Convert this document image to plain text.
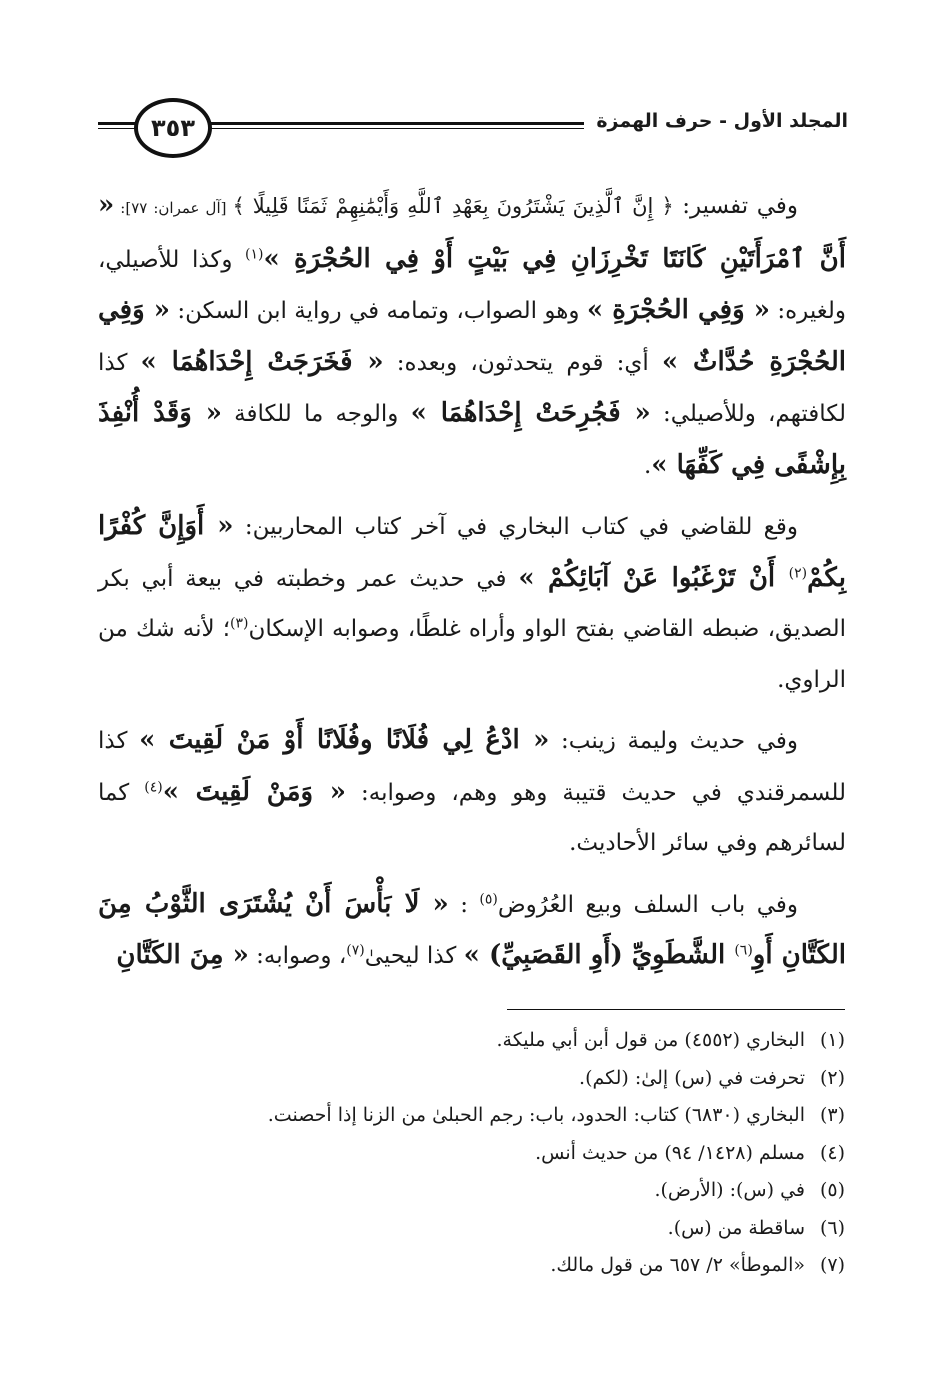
المجلد الأول - حرف الهمزة
٣٥٣

وفي تفسير: ﴿ إِنَّ ٱلَّذِينَ يَشْتَرُونَ بِعَهْدِ ٱللَّهِ وَأَيْمَٰنِهِمْ ثَمَنًا قَلِيلًا ﴾ [آل عمران: ٧٧]: « أَنَّ ٱمْرَأَتَيْنِ كَانَتَا تَخْرِزَانِ فِي بَيْتٍ أَوْ فِي الحُجْرَةِ »$^{(١)}$ وكذا للأصيلي، ولغيره: « وَفِي الحُجْرَةِ » وهو الصواب، وتمامه في رواية ابن السكن: « وَفِي الحُجْرَةِ حُدَّاثٌ » أي: قوم يتحدثون، وبعده: « فَخَرَجَتْ إِحْدَاهُمَا » كذا لكافتهم، وللأصيلي: « فَجُرِحَتْ إِحْدَاهُمَا » والوجه ما للكافة « وَقَدْ أُنْفِذَ بِإِشْفًى فِي كَفِّهَا ».

وقع للقاضي في كتاب البخاري في آخر كتاب المحاربين: « أَوَإِنَّ كُفْرًا بِكُمْ$^{(٢)}$ أَنْ تَرْغَبُوا عَنْ آبَائِكُمْ » في حديث عمر وخطبته في بيعة أبي بكر الصديق، ضبطه القاضي بفتح الواو وأراه غلطًا، وصوابه الإسكان$^{(٣)}$؛ لأنه شك من الراوي.

وفي حديث وليمة زينب: « ادْعُ لِي فُلَانًا وفُلَانًا أَوْ مَنْ لَقِيتَ » كذا للسمرقندي في حديث قتيبة وهو وهم، وصوابه: « وَمَنْ لَقِيتَ »$^{(٤)}$ كما لسائرهم وفي سائر الأحاديث.

وفي باب السلف وبيع العُرُوض$^{(٥)}$ : « لَا بَأْسَ أَنْ يُشْتَرَى الثَّوْبُ مِنَ الكَتَّانِ أَوِ$^{(٦)}$ الشَّطَوِيِّ (أَوِ القَصَبِيِّ) » كذا ليحيىٰ$^{(٧)}$، وصوابه: « مِنَ الكَتَّانِ

(١)البخاري (٤٥٥٢) من قول أبن أبي مليكة.
(٢)تحرفت في (س) إلىٰ: (لكم).
(٣)البخاري (٦٨٣٠) كتاب: الحدود، باب: رجم الحبلىٰ من الزنا إذا أحصنت.
(٤)مسلم (١٤٢٨/ ٩٤) من حديث أنس.
(٥)في (س): (الأرض).
(٦)ساقطة من (س).
(٧)«الموطأ» ٢/ ٦٥٧ من قول مالك.
